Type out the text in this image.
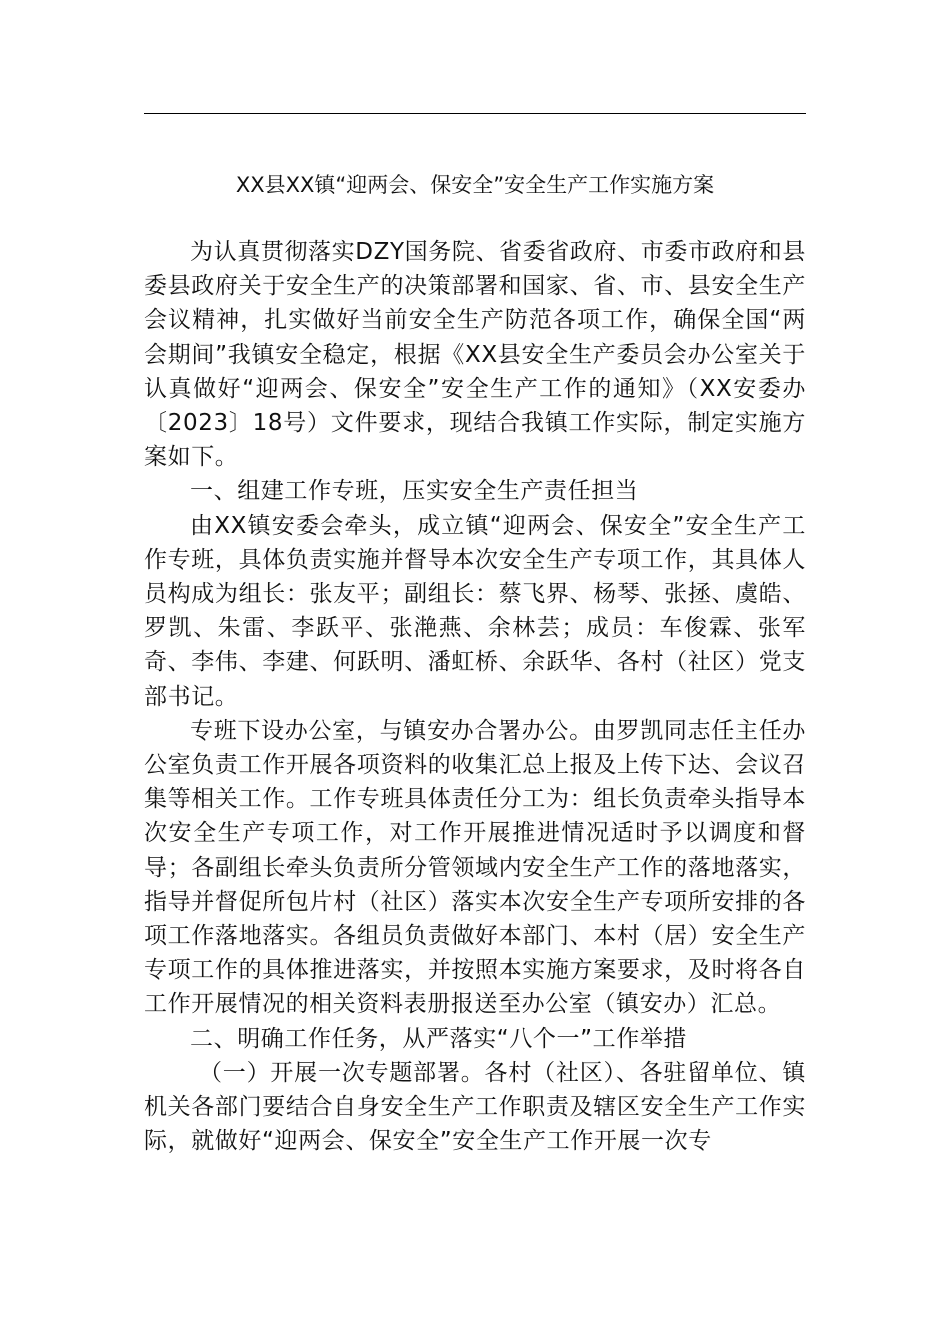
XX县XX镇“迎两会、保安全”安全生产工作实施方案

为认真贯彻落实DZY国务院、省委省政府、市委市政府和县委县政府关于安全生产的决策部署和国家、省、市、县安全生产会议精神，扎实做好当前安全生产防范各项工作，确保全国“两会期间”我镇安全稳定，根据《XX县安全生产委员会办公室关于认真做好“迎两会、保安全”安全生产工作的通知》（XX安委办〔2023〕18号）文件要求，现结合我镇工作实际，制定实施方案如下。

一、组建工作专班，压实安全生产责任担当

由XX镇安委会牵头，成立镇“迎两会、保安全”安全生产工作专班，具体负责实施并督导本次安全生产专项工作，其具体人员构成为组长：张友平；副组长：蔡飞界、杨琴、张拯、虞皓、罗凯、朱雷、李跃平、张滟燕、余林芸；成员：车俊霖、张军奇、李伟、李建、何跃明、潘虹桥、余跃华、各村（社区）党支部书记。

专班下设办公室，与镇安办合署办公。由罗凯同志任主任办公室负责工作开展各项资料的收集汇总上报及上传下达、会议召集等相关工作。工作专班具体责任分工为：组长负责牵头指导本次安全生产专项工作，对工作开展推进情况适时予以调度和督导；各副组长牵头负责所分管领域内安全生产工作的落地落实，指导并督促所包片村（社区）落实本次安全生产专项所安排的各项工作落地落实。各组员负责做好本部门、本村（居）安全生产专项工作的具体推进落实，并按照本实施方案要求，及时将各自工作开展情况的相关资料表册报送至办公室（镇安办）汇总。

二、明确工作任务，从严落实“八个一”工作举措

（一）开展一次专题部署。各村（社区）、各驻留单位、镇机关各部门要结合自身安全生产工作职责及辖区安全生产工作实际，就做好“迎两会、保安全”安全生产工作开展一次专
